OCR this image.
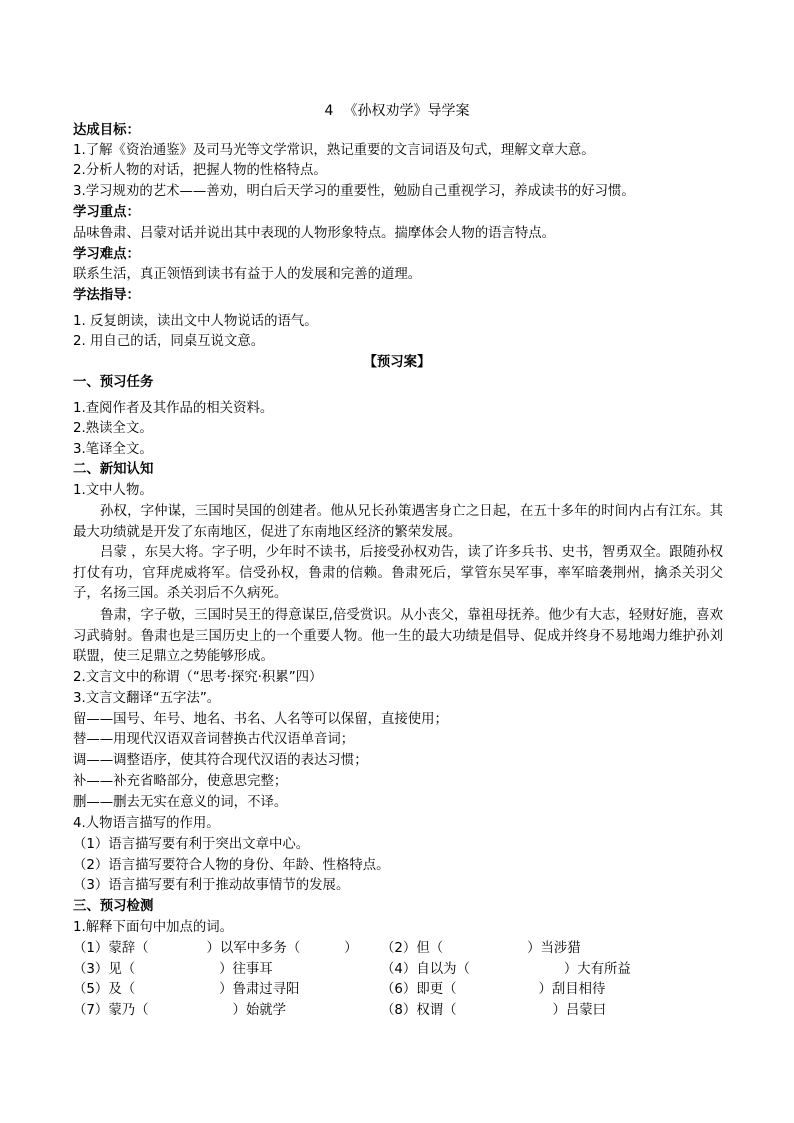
4 《孙权劝学》导学案
达成目标：
1.了解《资治通鉴》及司马光等文学常识，熟记重要的文言词语及句式，理解文章大意。
2.分析人物的对话，把握人物的性格特点。
3.学习规劝的艺术——善劝，明白后天学习的重要性，勉励自己重视学习，养成读书的好习惯。
学习重点：
品味鲁肃、吕蒙对话并说出其中表现的人物形象特点。揣摩体会人物的语言特点。
学习难点：
联系生活，真正领悟到读书有益于人的发展和完善的道理。
学法指导：
1. 反复朗读，读出文中人物说话的语气。
2. 用自己的话，同桌互说文意。
【预习案】
一、预习任务
1.查阅作者及其作品的相关资料。
2.熟读全文。
3.笔译全文。
二、新知认知
1.文中人物。
孙权，字仲谋，三国时吴国的创建者。他从兄长孙策遇害身亡之日起，在五十多年的时间内占有江东。其最大功绩就是开发了东南地区，促进了东南地区经济的繁荣发展。
吕蒙 ，东吴大将。字子明，少年时不读书，后接受孙权劝告，读了许多兵书、史书，智勇双全。跟随孙权打仗有功，官拜虎威将军。信受孙权，鲁肃的信赖。鲁肃死后，掌管东吴军事，率军暗袭荆州，擒杀关羽父子，名扬三国。杀关羽后不久病死。
鲁肃，字子敬，三国时吴王的得意谋臣,倍受赏识。从小丧父，靠祖母抚养。他少有大志，轻财好施，喜欢习武骑射。鲁肃也是三国历史上的一个重要人物。他一生的最大功绩是倡导、促成并终身不易地竭力维护孙刘联盟，使三足鼎立之势能够形成。
2.文言文中的称谓（“思考·探究·积累”四）
3.文言文翻译“五字法”。
留——国号、年号、地名、书名、人名等可以保留，直接使用；
替——用现代汉语双音词替换古代汉语单音词；
调——调整语序，使其符合现代汉语的表达习惯；
补——补充省略部分，使意思完整；
删——删去无实在意义的词，不译。
4.人物语言描写的作用。
（1）语言描写要有利于突出文章中心。
（2）语言描写要符合人物的身份、年龄、性格特点。
（3）语言描写要有利于推动故事情节的发展。
三、预习检测
1.解释下面句中加点的词。
（1）蒙辞（	）以军中多务（	） （2）但（	）当涉猎
（3）见（	）往事耳	（4）自以为（	）大有所益
（5）及（	）鲁肃过寻阳	（6）即更（	）刮目相待
（7）蒙乃（	）始就学	（8）权谓（	）吕蒙曰
